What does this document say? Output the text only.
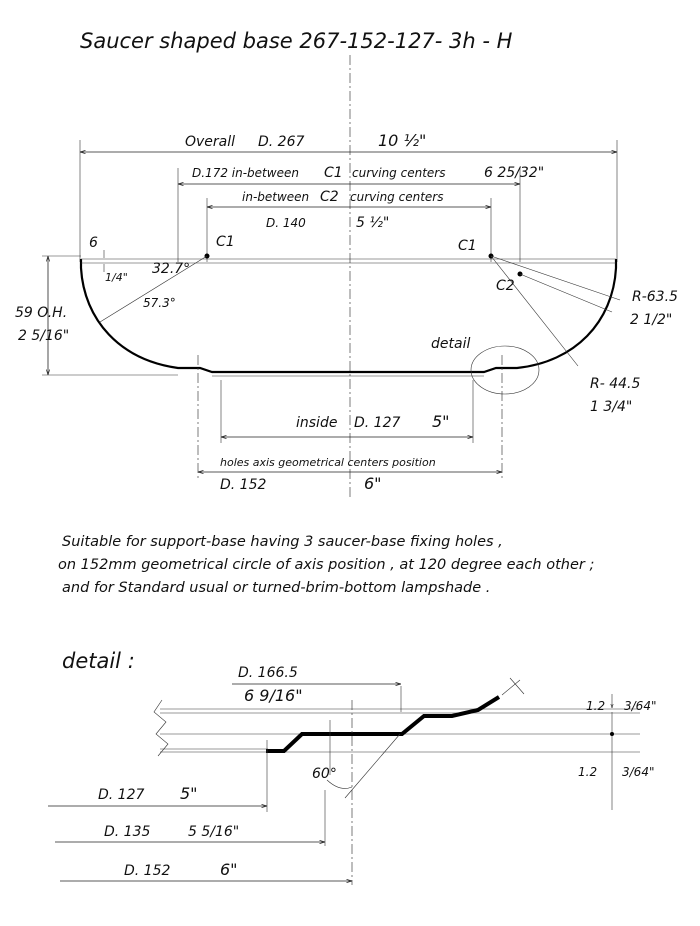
Saucer shaped base 267-152-127- 3h - H
Overall D. 267	10 ½"
D.172 in-between C1 curving centers	6 25/32"
in-between C2 curving centers
D. 140	5 ½"
C1	C1
C2
32.7°
57.3°
6
1/4"
59 O.H.
2 5/16"
R-63.5
2 1/2"
R- 44.5
1 3/4"
detail
inside D. 127 5"
holes axis geometrical centers position
D. 152	6"
Suitable for support-base having 3 saucer-base fixing holes ,
on 152mm geometrical circle of axis position , at 120 degree each other ;
and for Standard usual or turned-brim-bottom lampshade .
detail :
60°
D. 166.5
6 9/16"
1.2 3/64"
1.2 3/64"
D. 127 5"
D. 135	5 5/16"
D. 152	6"
